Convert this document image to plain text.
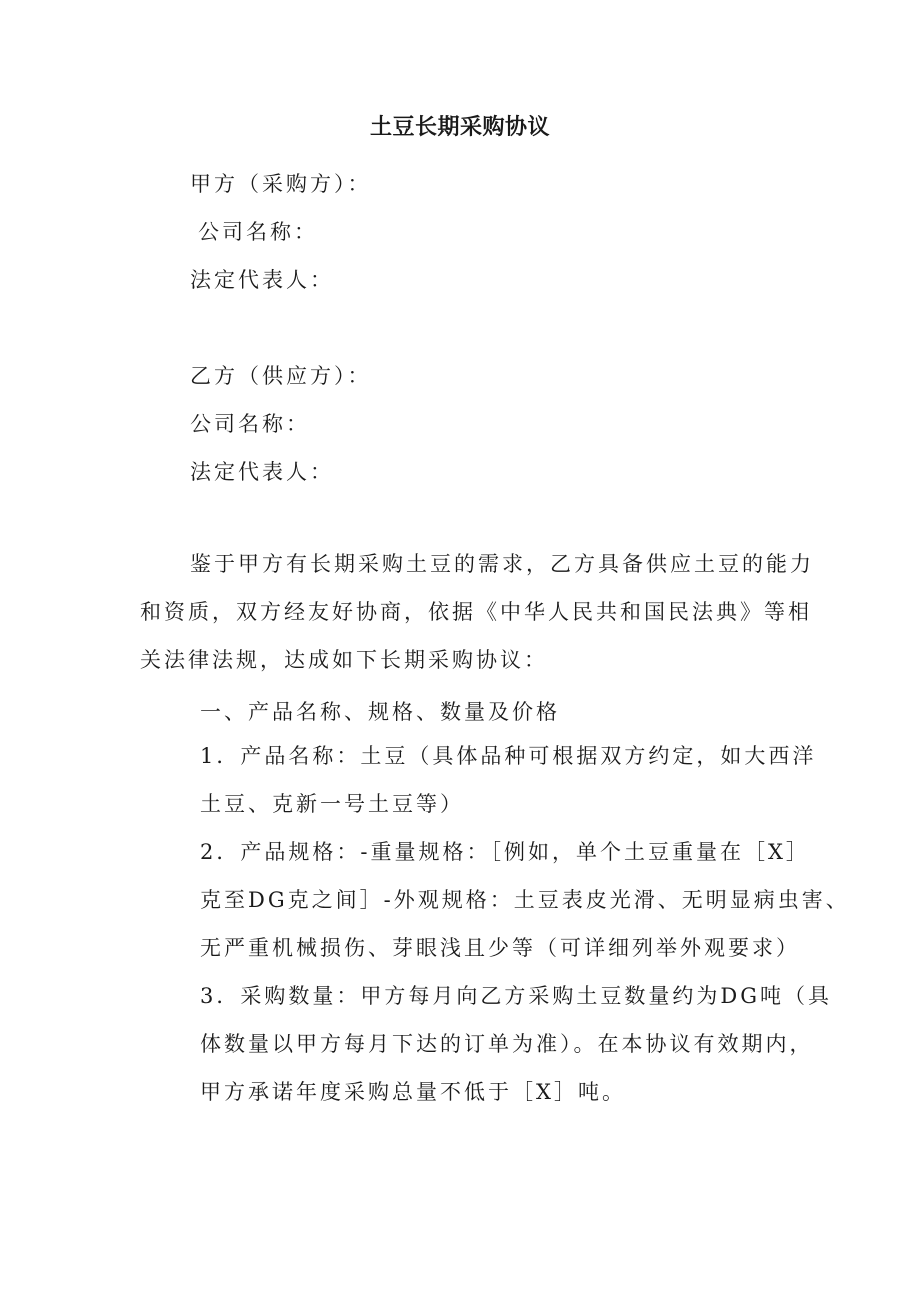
土豆长期采购协议
甲方（采购方）：
公司名称：
法定代表人：
乙方（供应方）：
公司名称：
法定代表人：
鉴于甲方有长期采购土豆的需求，乙方具备供应土豆的能力
和资质，双方经友好协商，依据《中华人民共和国民法典》等相
关法律法规，达成如下长期采购协议：
一、产品名称、规格、数量及价格
1．产品名称：土豆（具体品种可根据双方约定，如大西洋
土豆、克新一号土豆等）
2．产品规格：-重量规格：［例如，单个土豆重量在［X］
克至DG克之间］-外观规格：土豆表皮光滑、无明显病虫害、
无严重机械损伤、芽眼浅且少等（可详细列举外观要求）
3．采购数量：甲方每月向乙方采购土豆数量约为DG吨（具
体数量以甲方每月下达的订单为准）。在本协议有效期内，
甲方承诺年度采购总量不低于［X］吨。
